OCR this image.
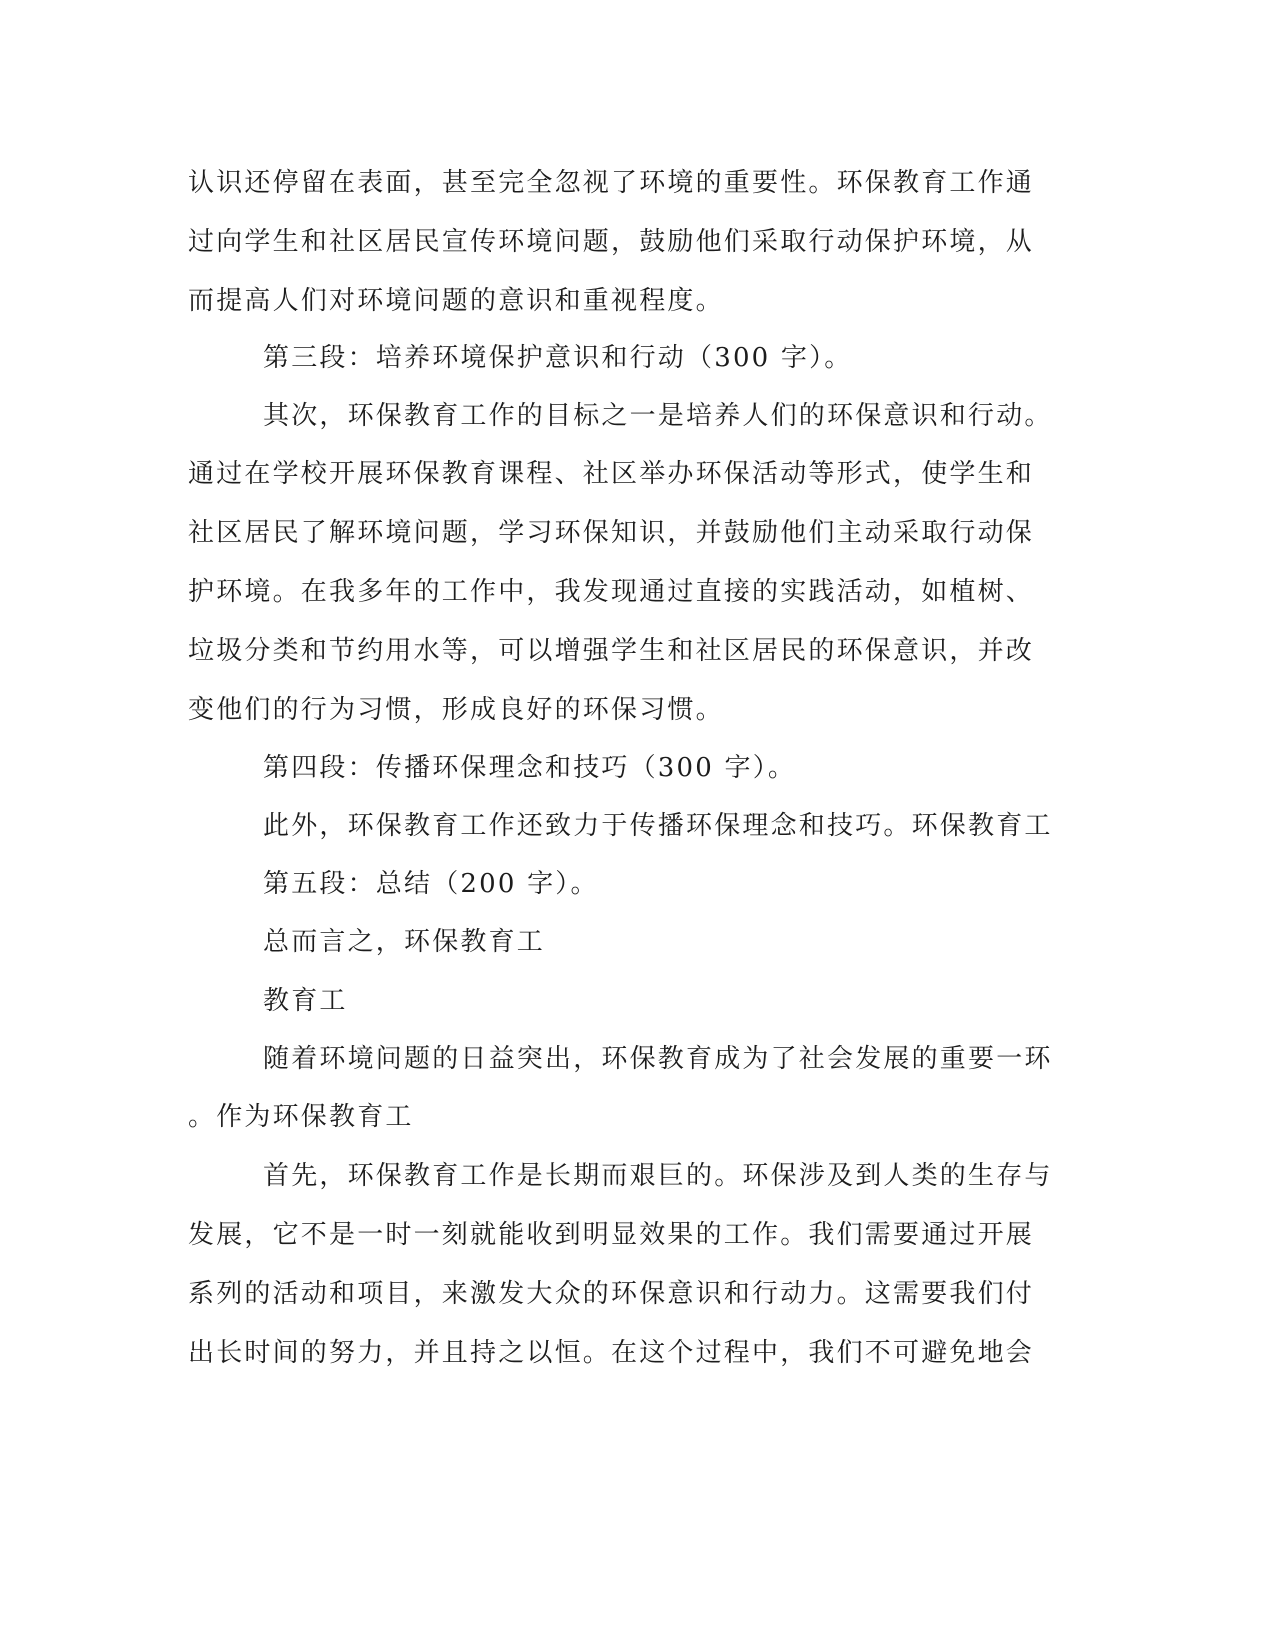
认识还停留在表面，甚至完全忽视了环境的重要性。环保教育工作通
过向学生和社区居民宣传环境问题，鼓励他们采取行动保护环境，从
而提高人们对环境问题的意识和重视程度。
第三段：培养环境保护意识和行动（300 字）。
其次，环保教育工作的目标之一是培养人们的环保意识和行动。
通过在学校开展环保教育课程、社区举办环保活动等形式，使学生和
社区居民了解环境问题，学习环保知识，并鼓励他们主动采取行动保
护环境。在我多年的工作中，我发现通过直接的实践活动，如植树、
垃圾分类和节约用水等，可以增强学生和社区居民的环保意识，并改
变他们的行为习惯，形成良好的环保习惯。
第四段：传播环保理念和技巧（300 字）。
此外，环保教育工作还致力于传播环保理念和技巧。环保教育工
第五段：总结（200 字）。
总而言之，环保教育工
教育工
随着环境问题的日益突出，环保教育成为了社会发展的重要一环
。作为环保教育工
首先，环保教育工作是长期而艰巨的。环保涉及到人类的生存与
发展，它不是一时一刻就能收到明显效果的工作。我们需要通过开展
系列的活动和项目，来激发大众的环保意识和行动力。这需要我们付
出长时间的努力，并且持之以恒。在这个过程中，我们不可避免地会
